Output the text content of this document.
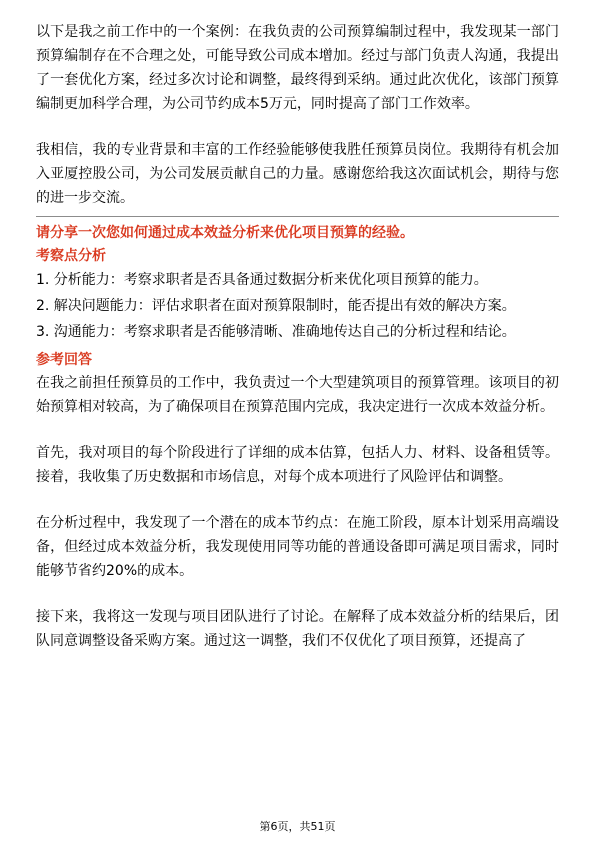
以下是我之前工作中的一个案例：在我负责的公司预算编制过程中，我发现某一部门预算编制存在不合理之处，可能导致公司成本增加。经过与部门负责人沟通，我提出了一套优化方案，经过多次讨论和调整，最终得到采纳。通过此次优化，该部门预算编制更加科学合理，为公司节约成本5万元，同时提高了部门工作效率。

我相信，我的专业背景和丰富的工作经验能够使我胜任预算员岗位。我期待有机会加入亚厦控股公司，为公司发展贡献自己的力量。感谢您给我这次面试机会，期待与您的进一步交流。

请分享一次您如何通过成本效益分析来优化项目预算的经验。

考察点分析

1. 分析能力：考察求职者是否具备通过数据分析来优化项目预算的能力。

2. 解决问题能力：评估求职者在面对预算限制时，能否提出有效的解决方案。

3. 沟通能力：考察求职者是否能够清晰、准确地传达自己的分析过程和结论。

参考回答

在我之前担任预算员的工作中，我负责过一个大型建筑项目的预算管理。该项目的初始预算相对较高，为了确保项目在预算范围内完成，我决定进行一次成本效益分析。

首先，我对项目的每个阶段进行了详细的成本估算，包括人力、材料、设备租赁等。接着，我收集了历史数据和市场信息，对每个成本项进行了风险评估和调整。

在分析过程中，我发现了一个潜在的成本节约点：在施工阶段，原本计划采用高端设备，但经过成本效益分析，我发现使用同等功能的普通设备即可满足项目需求，同时能够节省约20%的成本。

接下来，我将这一发现与项目团队进行了讨论。在解释了成本效益分析的结果后，团队同意调整设备采购方案。通过这一调整，我们不仅优化了项目预算，还提高了

第6页，共51页
